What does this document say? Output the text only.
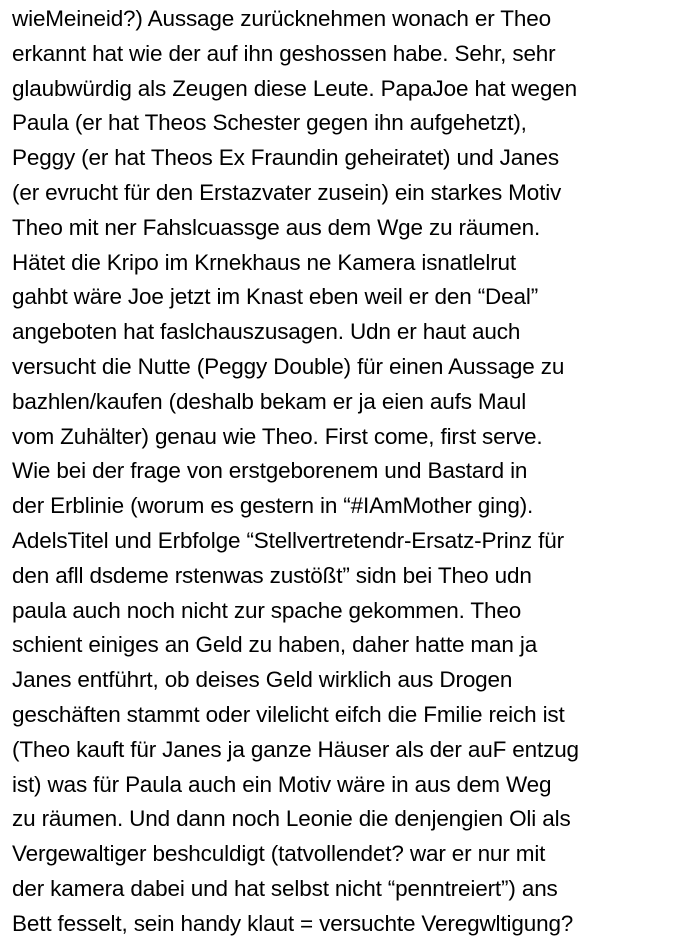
wieMeineid?) Aussage zurücknehmen wonach er Theo
erkannt hat wie der auf ihn geshossen habe. Sehr, sehr
glaubwürdig als Zeugen diese Leute. PapaJoe hat wegen
Paula (er hat Theos Schester gegen ihn aufgehetzt),
Peggy (er hat Theos Ex Fraundin geheiratet) und Janes
(er evrucht für den Erstazvater zusein) ein starkes Motiv
Theo mit ner Fahslcuassge aus dem Wge zu räumen.
Hätet die Kripo im Krnekhaus ne Kamera isnatlelrut
gahbt wäre Joe jetzt im Knast eben weil er den “Deal”
angeboten hat faslchauszusagen. Udn er haut auch
versucht die Nutte (Peggy Double) für einen Aussage zu
bazhlen/kaufen (deshalb bekam er ja eien aufs Maul
vom Zuhälter) genau wie Theo. First come, first serve.
Wie bei der frage von erstgeborenem und Bastard in
der Erblinie (worum es gestern in “#IAmMother ging).
AdelsTitel und Erbfolge “Stellvertretendr-Ersatz-Prinz für
den afll dsdeme rstenwas zustößt” sidn bei Theo udn
paula auch noch nicht zur spache gekommen. Theo
schient einiges an Geld zu haben, daher hatte man ja
Janes entführt, ob deises Geld wirklich aus Drogen
geschäften stammt oder vilelicht eifch die Fmilie reich ist
(Theo kauft für Janes ja ganze Häuser als der auF entzug
ist) was für Paula auch ein Motiv wäre in aus dem Weg
zu räumen. Und dann noch Leonie die denjengien Oli als
Vergewaltiger beshculdigt (tatvollendet? war er nur mit
der kamera dabei und hat selbst nicht “penntreiert”) ans
Bett fesselt, sein handy klaut = versuchte Veregwltigung?
